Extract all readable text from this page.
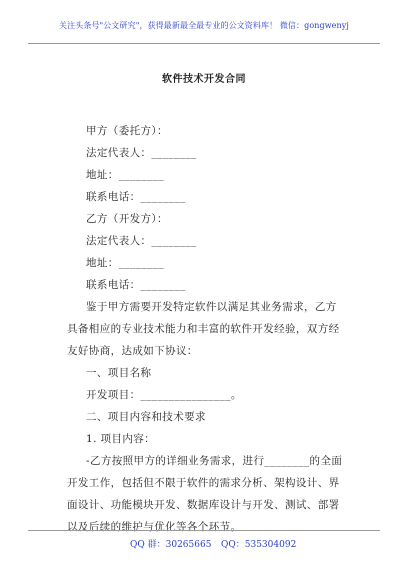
关注头条号"公文研究"，获得最新最全最专业的公文资料库！ 微信：gongwenyj
软件技术开发合同
甲方（委托方）：
法定代表人：________
地址：________
联系电话：________
乙方（开发方）：
法定代表人：________
地址：________
联系电话：________
鉴于甲方需要开发特定软件以满足其业务需求，乙方
具备相应的专业技术能力和丰富的软件开发经验，双方经
友好协商，达成如下协议：
一、项目名称
开发项目：________________。
二、项目内容和技术要求
1. 项目内容：
-乙方按照甲方的详细业务需求，进行________的全面
开发工作，包括但不限于软件的需求分析、架构设计、界
面设计、功能模块开发、数据库设计与开发、测试、部署
以及后续的维护与优化等各个环节。
QQ 群：30265665 QQ：535304092
